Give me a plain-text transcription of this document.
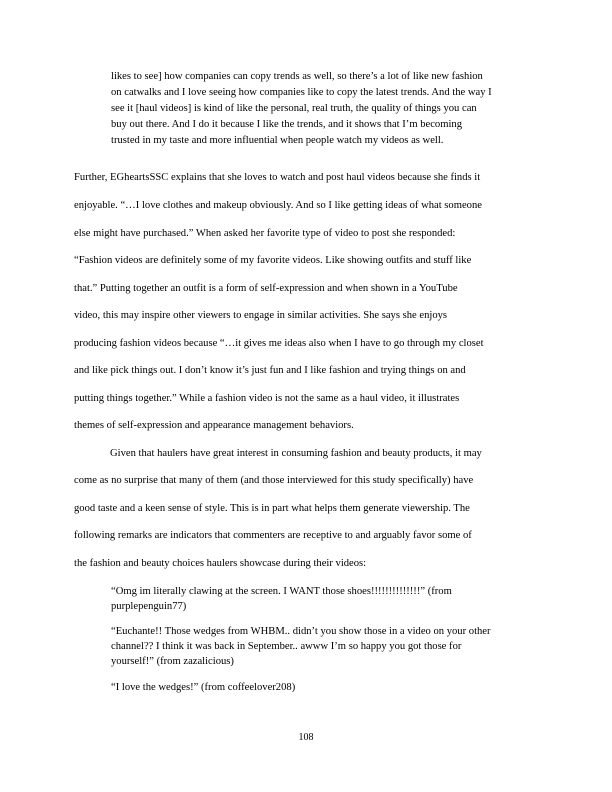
likes to see] how companies can copy trends as well, so there’s a lot of like new fashion
on catwalks and I love seeing how companies like to copy the latest trends. And the way I
see it [haul videos] is kind of like the personal, real truth, the quality of things you can
buy out there. And I do it because I like the trends, and it shows that I’m becoming
trusted in my taste and more influential when people watch my videos as well.
Further, EGheartsSSC explains that she loves to watch and post haul videos because she finds it
enjoyable. “…I love clothes and makeup obviously. And so I like getting ideas of what someone
else might have purchased.” When asked her favorite type of video to post she responded:
“Fashion videos are definitely some of my favorite videos. Like showing outfits and stuff like
that.” Putting together an outfit is a form of self-expression and when shown in a YouTube
video, this may inspire other viewers to engage in similar activities. She says she enjoys
producing fashion videos because “…it gives me ideas also when I have to go through my closet
and like pick things out. I don’t know it’s just fun and I like fashion and trying things on and
putting things together.” While a fashion video is not the same as a haul video, it illustrates
themes of self-expression and appearance management behaviors.
Given that haulers have great interest in consuming fashion and beauty products, it may
come as no surprise that many of them (and those interviewed for this study specifically) have
good taste and a keen sense of style. This is in part what helps them generate viewership. The
following remarks are indicators that commenters are receptive to and arguably favor some of
the fashion and beauty choices haulers showcase during their videos:
“Omg im literally clawing at the screen. I WANT those shoes!!!!!!!!!!!!!!” (from
purplepenguin77)
“Euchante!! Those wedges from WHBM.. didn’t you show those in a video on your other
channel?? I think it was back in September.. awww I’m so happy you got those for
yourself!” (from zazalicious)
“I love the wedges!” (from coffeelover208)
108
